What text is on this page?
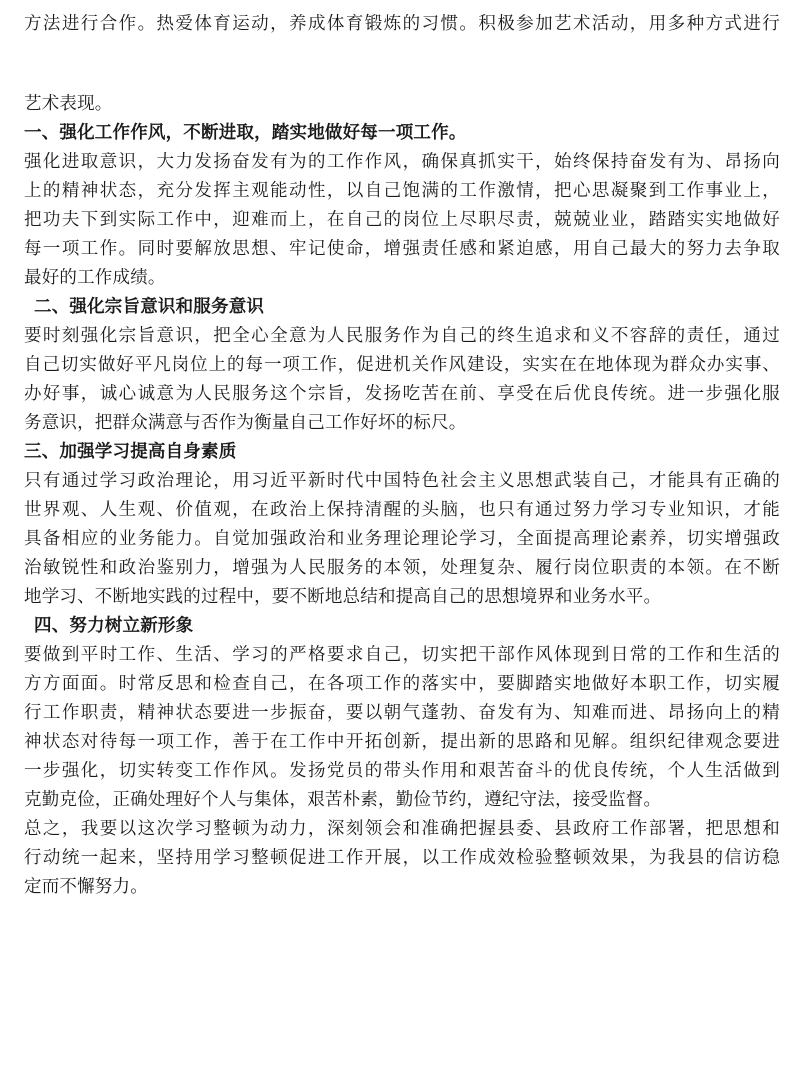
方法进行合作。热爱体育运动，养成体育锻炼的习惯。积极参加艺术活动，用多种方式进行
艺术表现。
一、强化工作作风，不断进取，踏实地做好每一项工作。
强化进取意识，大力发扬奋发有为的工作作风，确保真抓实干，始终保持奋发有为、昂扬向
上的精神状态，充分发挥主观能动性，以自己饱满的工作激情，把心思凝聚到工作事业上，
把功夫下到实际工作中，迎难而上，在自己的岗位上尽职尽责，兢兢业业，踏踏实实地做好
每一项工作。同时要解放思想、牢记使命，增强责任感和紧迫感，用自己最大的努力去争取
最好的工作成绩。
二、强化宗旨意识和服务意识
要时刻强化宗旨意识，把全心全意为人民服务作为自己的终生追求和义不容辞的责任，通过
自己切实做好平凡岗位上的每一项工作，促进机关作风建设，实实在在地体现为群众办实事、
办好事，诚心诚意为人民服务这个宗旨，发扬吃苦在前、享受在后优良传统。进一步强化服
务意识，把群众满意与否作为衡量自己工作好坏的标尺。
三、加强学习提高自身素质
只有通过学习政治理论，用习近平新时代中国特色社会主义思想武装自己，才能具有正确的
世界观、人生观、价值观，在政治上保持清醒的头脑，也只有通过努力学习专业知识，才能
具备相应的业务能力。自觉加强政治和业务理论理论学习，全面提高理论素养，切实增强政
治敏锐性和政治鉴别力，增强为人民服务的本领，处理复杂、履行岗位职责的本领。在不断
地学习、不断地实践的过程中，要不断地总结和提高自己的思想境界和业务水平。
四、努力树立新形象
要做到平时工作、生活、学习的严格要求自己，切实把干部作风体现到日常的工作和生活的
方方面面。时常反思和检查自己，在各项工作的落实中，要脚踏实地做好本职工作，切实履
行工作职责，精神状态要进一步振奋，要以朝气蓬勃、奋发有为、知难而进、昂扬向上的精
神状态对待每一项工作，善于在工作中开拓创新，提出新的思路和见解。组织纪律观念要进
一步强化，切实转变工作作风。发扬党员的带头作用和艰苦奋斗的优良传统，个人生活做到
克勤克俭，正确处理好个人与集体，艰苦朴素，勤俭节约，遵纪守法，接受监督。
总之，我要以这次学习整顿为动力，深刻领会和准确把握县委、县政府工作部署，把思想和
行动统一起来，坚持用学习整顿促进工作开展，以工作成效检验整顿效果，为我县的信访稳
定而不懈努力。
